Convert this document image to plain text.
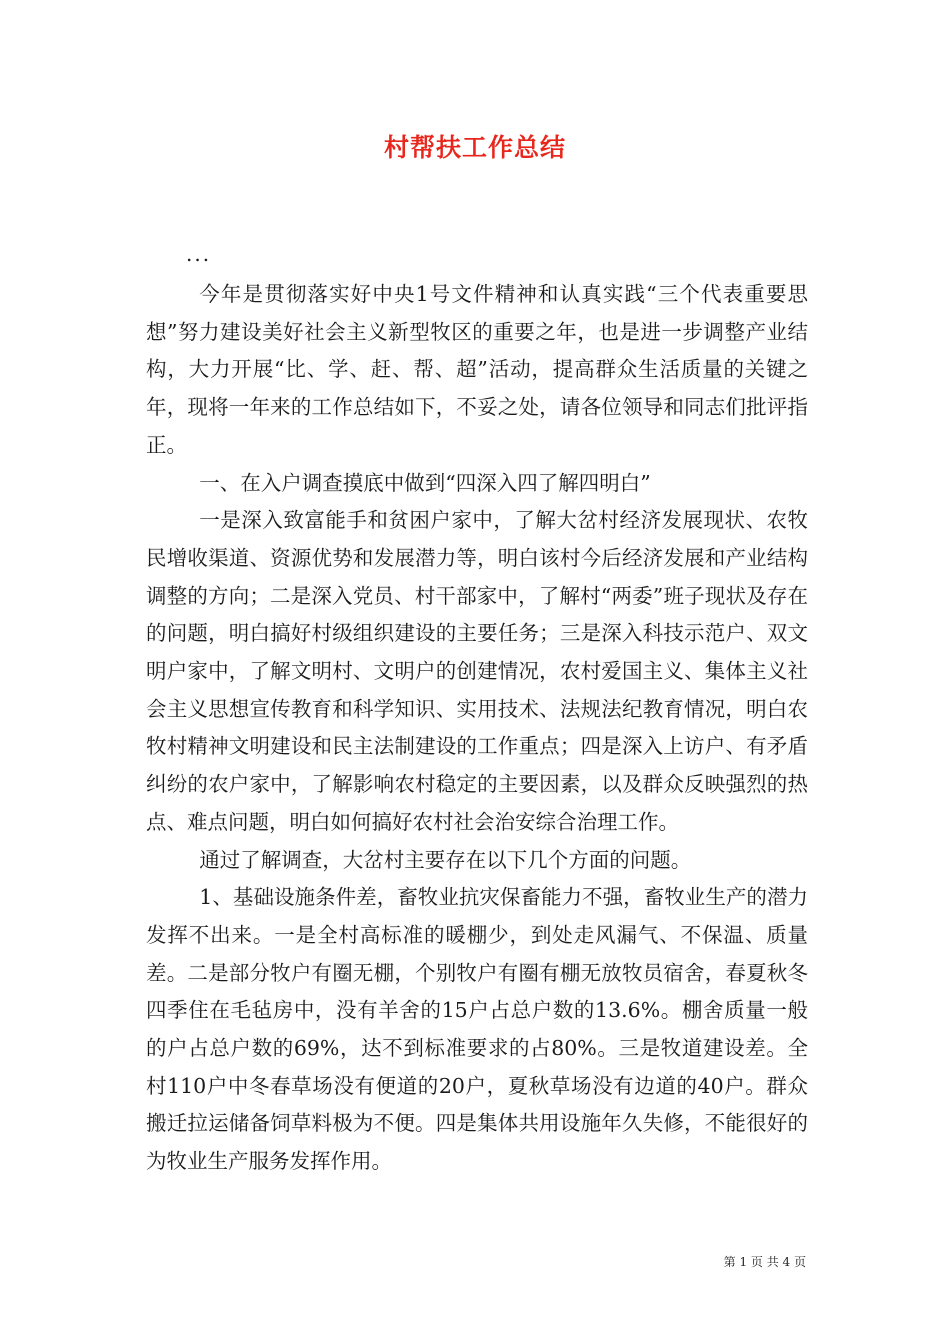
村帮扶工作总结
...

今年是贯彻落实好中央1号文件精神和认真实践“三个代表重要思想”努力建设美好社会主义新型牧区的重要之年，也是进一步调整产业结构，大力开展“比、学、赶、帮、超”活动，提高群众生活质量的关键之年，现将一年来的工作总结如下，不妥之处，请各位领导和同志们批评指正。

一、在入户调查摸底中做到“四深入四了解四明白”

一是深入致富能手和贫困户家中，了解大岔村经济发展现状、农牧民增收渠道、资源优势和发展潜力等，明白该村今后经济发展和产业结构调整的方向；二是深入党员、村干部家中，了解村“两委”班子现状及存在的问题，明白搞好村级组织建设的主要任务；三是深入科技示范户、双文明户家中，了解文明村、文明户的创建情况，农村爱国主义、集体主义社会主义思想宣传教育和科学知识、实用技术、法规法纪教育情况，明白农牧村精神文明建设和民主法制建设的工作重点；四是深入上访户、有矛盾纠纷的农户家中，了解影响农村稳定的主要因素，以及群众反映强烈的热点、难点问题，明白如何搞好农村社会治安综合治理工作。

通过了解调查，大岔村主要存在以下几个方面的问题。

1、基础设施条件差，畜牧业抗灾保畜能力不强，畜牧业生产的潜力发挥不出来。一是全村高标准的暖棚少，到处走风漏气、不保温、质量差。二是部分牧户有圈无棚，个别牧户有圈有棚无放牧员宿舍，春夏秋冬四季住在毛毡房中，没有羊舍的15户占总户数的13.6%。棚舍质量一般的户占总户数的69%，达不到标准要求的占80%。三是牧道建设差。全村110户中冬春草场没有便道的20户，夏秋草场没有边道的40户。群众搬迁拉运储备饲草料极为不便。四是集体共用设施年久失修，不能很好的为牧业生产服务发挥作用。

第 1 页 共 4 页
